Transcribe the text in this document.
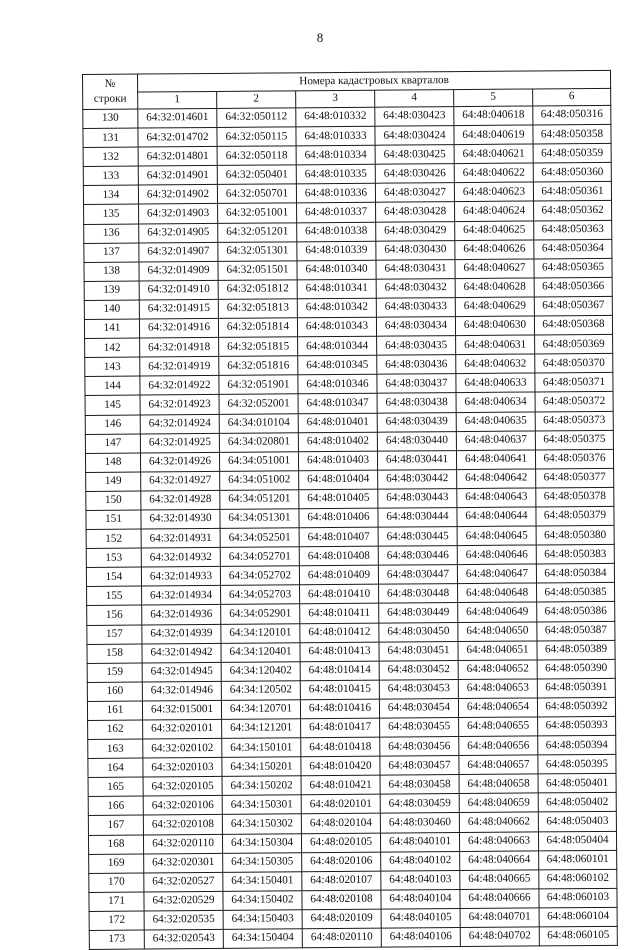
8
№
строки	Номера кадастровых кварталов					
	1	2	3	4	5	6
130	64:32:014601	64:32:050112	64:48:010332	64:48:030423	64:48:040618	64:48:050316
131	64:32:014702	64:32:050115	64:48:010333	64:48:030424	64:48:040619	64:48:050358
132	64:32:014801	64:32:050118	64:48:010334	64:48:030425	64:48:040621	64:48:050359
133	64:32:014901	64:32:050401	64:48:010335	64:48:030426	64:48:040622	64:48:050360
134	64:32:014902	64:32:050701	64:48:010336	64:48:030427	64:48:040623	64:48:050361
135	64:32:014903	64:32:051001	64:48:010337	64:48:030428	64:48:040624	64:48:050362
136	64:32:014905	64:32:051201	64:48:010338	64:48:030429	64:48:040625	64:48:050363
137	64:32:014907	64:32:051301	64:48:010339	64:48:030430	64:48:040626	64:48:050364
138	64:32:014909	64:32:051501	64:48:010340	64:48:030431	64:48:040627	64:48:050365
139	64:32:014910	64:32:051812	64:48:010341	64:48:030432	64:48:040628	64:48:050366
140	64:32:014915	64:32:051813	64:48:010342	64:48:030433	64:48:040629	64:48:050367
141	64:32:014916	64:32:051814	64:48:010343	64:48:030434	64:48:040630	64:48:050368
142	64:32:014918	64:32:051815	64:48:010344	64:48:030435	64:48:040631	64:48:050369
143	64:32:014919	64:32:051816	64:48:010345	64:48:030436	64:48:040632	64:48:050370
144	64:32:014922	64:32:051901	64:48:010346	64:48:030437	64:48:040633	64:48:050371
145	64:32:014923	64:32:052001	64:48:010347	64:48:030438	64:48:040634	64:48:050372
146	64:32:014924	64:34:010104	64:48:010401	64:48:030439	64:48:040635	64:48:050373
147	64:32:014925	64:34:020801	64:48:010402	64:48:030440	64:48:040637	64:48:050375
148	64:32:014926	64:34:051001	64:48:010403	64:48:030441	64:48:040641	64:48:050376
149	64:32:014927	64:34:051002	64:48:010404	64:48:030442	64:48:040642	64:48:050377
150	64:32:014928	64:34:051201	64:48:010405	64:48:030443	64:48:040643	64:48:050378
151	64:32:014930	64:34:051301	64:48:010406	64:48:030444	64:48:040644	64:48:050379
152	64:32:014931	64:34:052501	64:48:010407	64:48:030445	64:48:040645	64:48:050380
153	64:32:014932	64:34:052701	64:48:010408	64:48:030446	64:48:040646	64:48:050383
154	64:32:014933	64:34:052702	64:48:010409	64:48:030447	64:48:040647	64:48:050384
155	64:32:014934	64:34:052703	64:48:010410	64:48:030448	64:48:040648	64:48:050385
156	64:32:014936	64:34:052901	64:48:010411	64:48:030449	64:48:040649	64:48:050386
157	64:32:014939	64:34:120101	64:48:010412	64:48:030450	64:48:040650	64:48:050387
158	64:32:014942	64:34:120401	64:48:010413	64:48:030451	64:48:040651	64:48:050389
159	64:32:014945	64:34:120402	64:48:010414	64:48:030452	64:48:040652	64:48:050390
160	64:32:014946	64:34:120502	64:48:010415	64:48:030453	64:48:040653	64:48:050391
161	64:32:015001	64:34:120701	64:48:010416	64:48:030454	64:48:040654	64:48:050392
162	64:32:020101	64:34:121201	64:48:010417	64:48:030455	64:48:040655	64:48:050393
163	64:32:020102	64:34:150101	64:48:010418	64:48:030456	64:48:040656	64:48:050394
164	64:32:020103	64:34:150201	64:48:010420	64:48:030457	64:48:040657	64:48:050395
165	64:32:020105	64:34:150202	64:48:010421	64:48:030458	64:48:040658	64:48:050401
166	64:32:020106	64:34:150301	64:48:020101	64:48:030459	64:48:040659	64:48:050402
167	64:32:020108	64:34:150302	64:48:020104	64:48:030460	64:48:040662	64:48:050403
168	64:32:020110	64:34:150304	64:48:020105	64:48:040101	64:48:040663	64:48:050404
169	64:32:020301	64:34:150305	64:48:020106	64:48:040102	64:48:040664	64:48:060101
170	64:32:020527	64:34:150401	64:48:020107	64:48:040103	64:48:040665	64:48:060102
171	64:32:020529	64:34:150402	64:48:020108	64:48:040104	64:48:040666	64:48:060103
172	64:32:020535	64:34:150403	64:48:020109	64:48:040105	64:48:040701	64:48:060104
173	64:32:020543	64:34:150404	64:48:020110	64:48:040106	64:48:040702	64:48:060105
